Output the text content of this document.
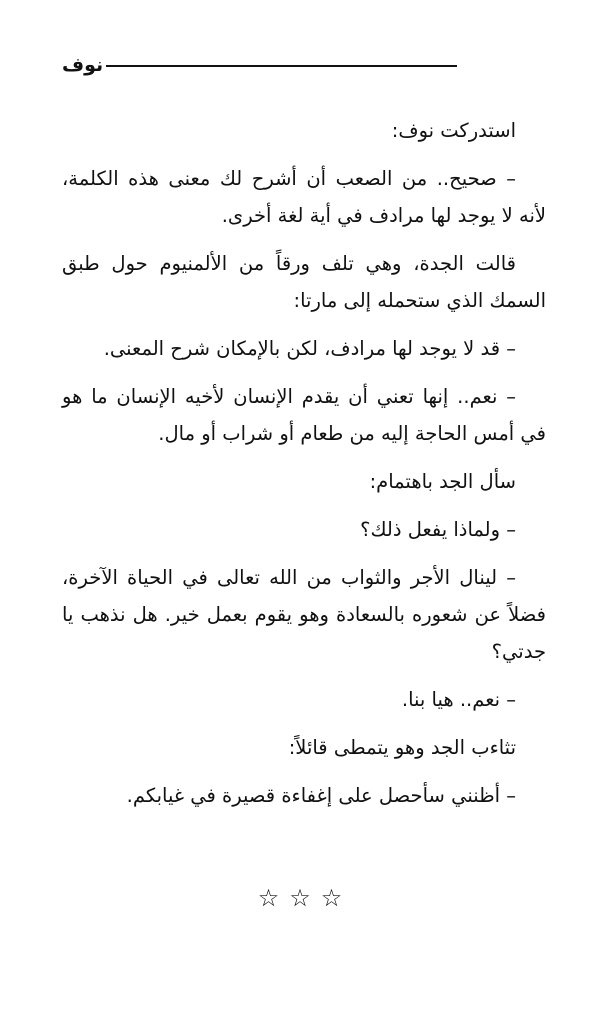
نوف

استدركت نوف:

– صحيح.. من الصعب أن أشرح لك معنى هذه الكلمة، لأنه لا يوجد لها مرادف في أية لغة أخرى.

قالت الجدة، وهي تلف ورقاً من الألمنيوم حول طبق السمك الذي ستحمله إلى مارتا:

– قد لا يوجد لها مرادف، لكن بالإمكان شرح المعنى.

– نعم.. إنها تعني أن يقدم الإنسان لأخيه الإنسان ما هو في أمس الحاجة إليه من طعام أو شراب أو مال.

سأل الجد باهتمام:

– ولماذا يفعل ذلك؟

– لينال الأجر والثواب من الله تعالى في الحياة الآخرة، فضلاً عن شعوره بالسعادة وهو يقوم بعمل خير. هل نذهب يا جدتي؟

– نعم.. هيا بنا.

تثاءب الجد وهو يتمطى قائلاً:

– أظنني سأحصل على إغفاءة قصيرة في غيابكم.

☆☆☆
